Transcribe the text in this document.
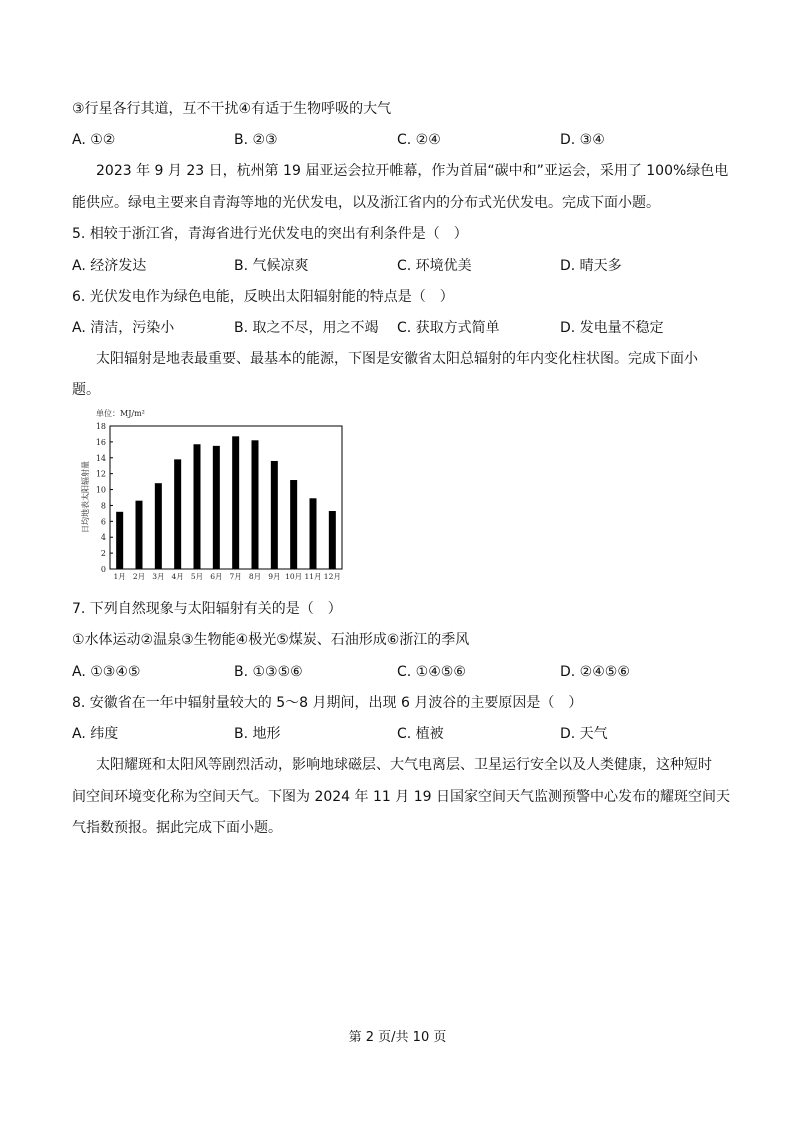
③行星各行其道，互不干扰④有适于生物呼吸的大气
A. ①②	B. ②③	C. ②④	D. ③④
2023 年 9 月 23 日，杭州第 19 届亚运会拉开帷幕，作为首届“碳中和”亚运会，采用了 100%绿色电
能供应。绿电主要来自青海等地的光伏发电，以及浙江省内的分布式光伏发电。完成下面小题。
5. 相较于浙江省，青海省进行光伏发电的突出有利条件是（　）
A. 经济发达	B. 气候凉爽	C. 环境优美	D. 晴天多
6. 光伏发电作为绿色电能，反映出太阳辐射能的特点是（　）
A. 清洁，污染小	B. 取之不尽，用之不竭 C. 获取方式简单	D. 发电量不稳定
太阳辐射是地表最重要、最基本的能源，下图是安徽省太阳总辐射的年内变化柱状图。完成下面小
题。
单位：MJ/m²
日均地表太阳辐射量
0
2
4
6
8
10
12
14
16
18
1月 2月 3月 4月 5月 6月 7月 8月 9月 10月 11月 12月
7. 下列自然现象与太阳辐射有关的是（　）
①水体运动②温泉③生物能④极光⑤煤炭、石油形成⑥浙江的季风
A. ①③④⑤	B. ①③⑤⑥	C. ①④⑤⑥	D. ②④⑤⑥
8. 安徽省在一年中辐射量较大的 5～8 月期间，出现 6 月波谷的主要原因是（　）
A. 纬度	B. 地形	C. 植被	D. 天气
太阳耀斑和太阳风等剧烈活动，影响地球磁层、大气电离层、卫星运行安全以及人类健康，这种短时
间空间环境变化称为空间天气。下图为 2024 年 11 月 19 日国家空间天气监测预警中心发布的耀斑空间天
气指数预报。据此完成下面小题。
第 2 页/共 10 页
